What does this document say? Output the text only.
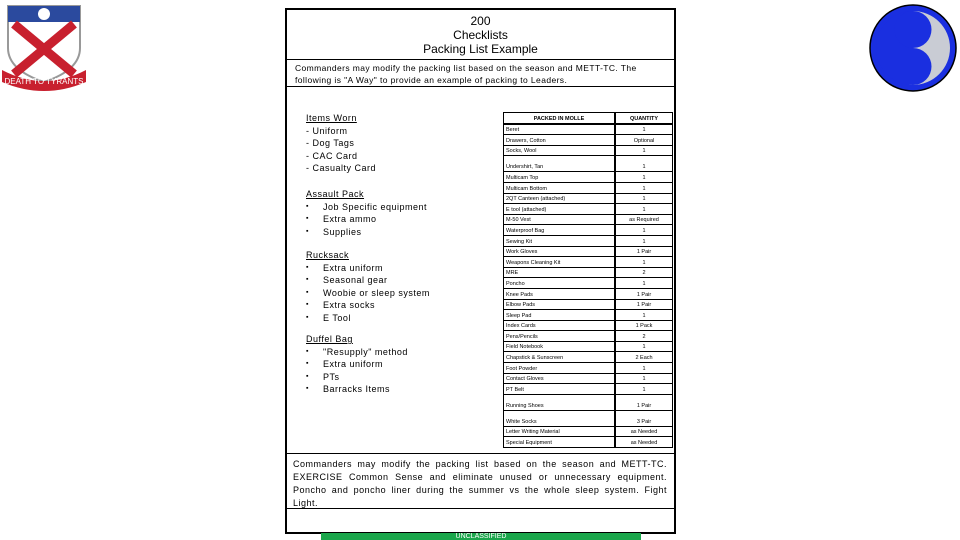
DEATH TO TYRANTS
200
Checklists
Packing List Example
Commanders may modify the packing list based on the season and METT-TC. The following is "A Way" to provide an example of packing to Leaders.
Items Worn
- Uniform
- Dog Tags
- CAC Card
- Casualty Card
Assault Pack
▪ Job Specific equipment
▪ Extra ammo
▪ Supplies
Rucksack
▪ Extra uniform
▪ Seasonal gear
▪ Woobie or sleep system
▪ Extra socks
▪ E Tool
Duffel Bag
▪ "Resupply" method
▪ Extra uniform
▪ PTs
▪ Barracks Items
PACKED IN MOLLE	QUANTITY
Beret	1
Drawers, Cotton	Optional
Socks, Wool	1
Undershirt, Tan	1
Multicam Top	1
Multicam Bottom	1
2QT Canteen (attached)	1
E tool (attached)	1
M-50 Vest	as Required
Waterproof Bag	1
Sewing Kit	1
Work Gloves	1 Pair
Weapons Cleaning Kit	1
MRE	2
Poncho	1
Knee Pads	1 Pair
Elbow Pads	1 Pair
Sleep Pad	1
Index Cards	1 Pack
Pens/Pencils	2
Field Notebook	1
Chapstick & Sunscreen	2 Each
Foot Powder	1
Contact Gloves	1
PT Belt	1
Running Shoes	1 Pair
White Socks	3 Pair
Letter Writing Material	as Needed
Special Equipment	as Needed
Commanders may modify the packing list based on the season and METT-TC. EXERCISE Common Sense and eliminate unused or unnecessary equipment. Poncho and poncho liner during the summer vs the whole sleep system. Fight Light.
UNCLASSIFIED
